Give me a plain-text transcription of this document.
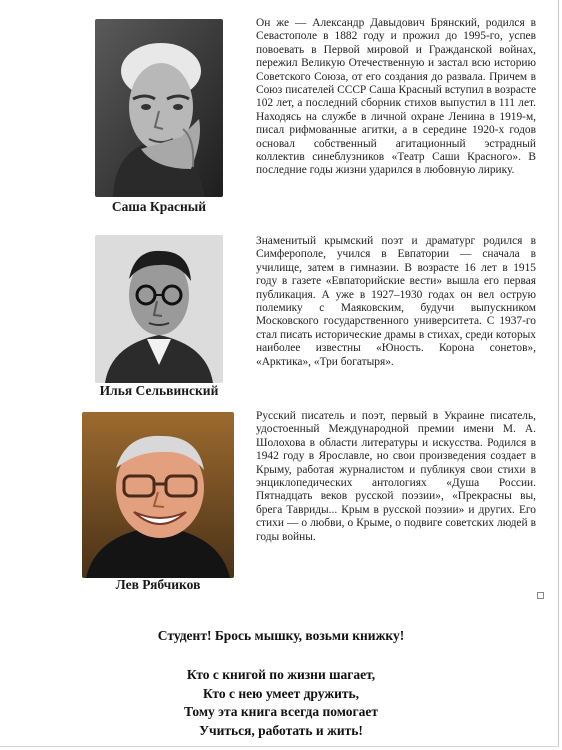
Саша Красный
Он же — Александр Давыдович Брянский, родился в Севастополе в 1882 году и прожил до 1995-го, успев повоевать в Первой мировой и Гражданской войнах, пережил Великую Отечественную и застал всю историю Советского Союза, от его создания до развала. Причем в Союз писателей СССР Саша Красный вступил в возрасте 102 лет, а последний сборник стихов выпустил в 111 лет. Находясь на службе в личной охране Ленина в 1919-м, писал рифмованные агитки, а в середине 1920-х годов основал собственный агитационный эстрадный коллектив синеблузников «Театр Саши Красного». В последние годы жизни ударился в любовную лирику.
Илья Сельвинский
Знаменитый крымский поэт и драматург родился в Симферополе, учился в Евпатории — сначала в училище, затем в гимназии. В возрасте 16 лет в 1915 году в газете «Евпаторийские вести» вышла его первая публикация. А уже в 1927–1930 годах он вел острую полемику с Маяковским, будучи выпускником Московского государственного университета. С 1937-го стал писать исторические драмы в стихах, среди которых наиболее известны «Юность. Корона сонетов», «Арктика», «Три богатыря».
Лев Рябчиков
Русский писатель и поэт, первый в Украине писатель, удостоенный Международной премии имени М. А. Шолохова в области литературы и искусства. Родился в 1942 году в Ярославле, но свои произведения создает в Крыму, работая журналистом и публикуя свои стихи в энциклопедических антологиях «Душа России. Пятнадцать веков русской поэзии», «Прекрасны вы, брега Тавриды... Крым в русской поэзии» и других. Его стихи — о любви, о Крыме, о подвиге советских людей в годы войны.
Студент! Брось мышку, возьми книжку!
Кто с книгой по жизни шагает,
Кто с нею умеет дружить,
Тому эта книга всегда помогает
Учиться, работать и жить!
